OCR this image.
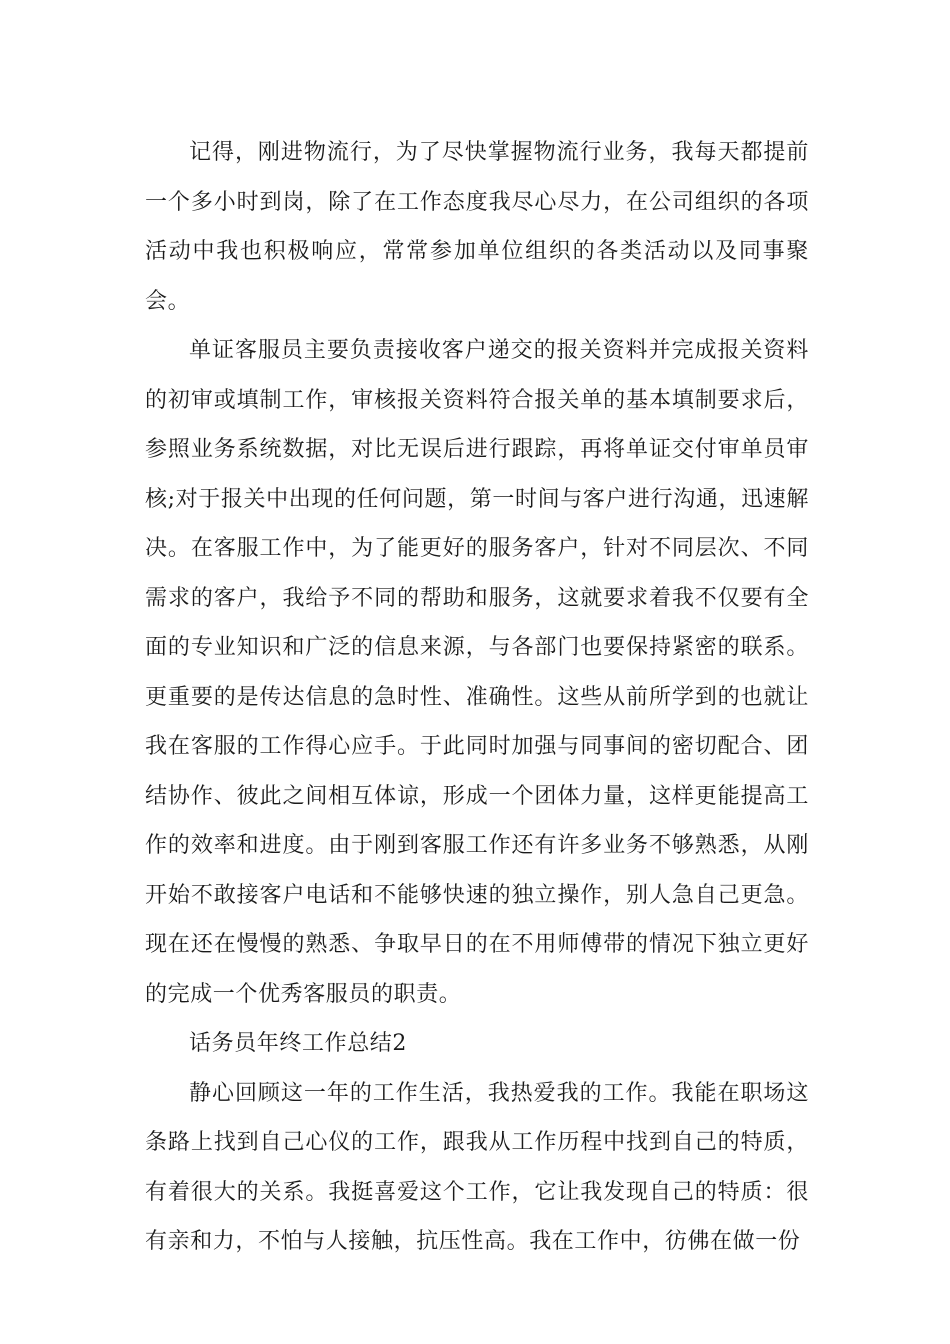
记得，刚进物流行，为了尽快掌握物流行业务，我每天都提前一个多小时到岗，除了在工作态度我尽心尽力，在公司组织的各项活动中我也积极响应，常常参加单位组织的各类活动以及同事聚会。

单证客服员主要负责接收客户递交的报关资料并完成报关资料的初审或填制工作，审核报关资料符合报关单的基本填制要求后，参照业务系统数据，对比无误后进行跟踪，再将单证交付审单员审核;对于报关中出现的任何问题，第一时间与客户进行沟通，迅速解决。在客服工作中，为了能更好的服务客户，针对不同层次、不同需求的客户，我给予不同的帮助和服务，这就要求着我不仅要有全面的专业知识和广泛的信息来源，与各部门也要保持紧密的联系。更重要的是传达信息的急时性、准确性。这些从前所学到的也就让我在客服的工作得心应手。于此同时加强与同事间的密切配合、团结协作、彼此之间相互体谅，形成一个团体力量，这样更能提高工作的效率和进度。由于刚到客服工作还有许多业务不够熟悉，从刚开始不敢接客户电话和不能够快速的独立操作，别人急自己更急。现在还在慢慢的熟悉、争取早日的在不用师傅带的情况下独立更好的完成一个优秀客服员的职责。

话务员年终工作总结2

静心回顾这一年的工作生活，我热爱我的工作。我能在职场这条路上找到自己心仪的工作，跟我从工作历程中找到自己的特质，有着很大的关系。我挺喜爱这个工作，它让我发现自己的特质：很有亲和力，不怕与人接触，抗压性高。我在工作中，彷佛在做一份
